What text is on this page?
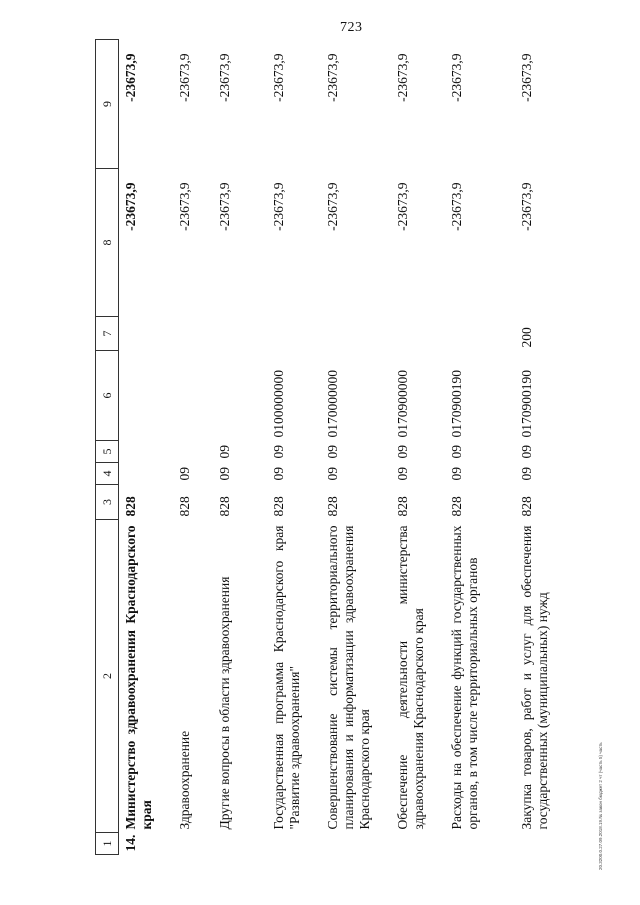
723
20.3200.0.27.09.2018.19.№ закон бюджет 2 чт (часть 5) часть
1	2	3	4	5	6	7	8	9
14.	Министерство здравоохранения Краснодарского края	828					-23673,9	-23673,9
	Здравоохранение	828	09				-23673,9	-23673,9
	Другие вопросы в области здравоохранения	828	09	09			-23673,9	-23673,9
	Государственная программа Краснодарского края "Развитие здравоохранения"	828	09	09	0100000000		-23673,9	-23673,9
	Совершенствование системы территориального планирования и информатизации здравоохранения Краснодарского края	828	09	09	0170000000		-23673,9	-23673,9
	Обеспечение деятельности министерства здравоохранения Краснодарского края	828	09	09	0170900000		-23673,9	-23673,9
	Расходы на обеспечение функций государственных органов, в том числе территориальных органов	828	09	09	0170900190		-23673,9	-23673,9
	Закупка товаров, работ и услуг для обеспечения государственных (муниципальных) нужд	828	09	09	0170900190	200	-23673,9	-23673,9
